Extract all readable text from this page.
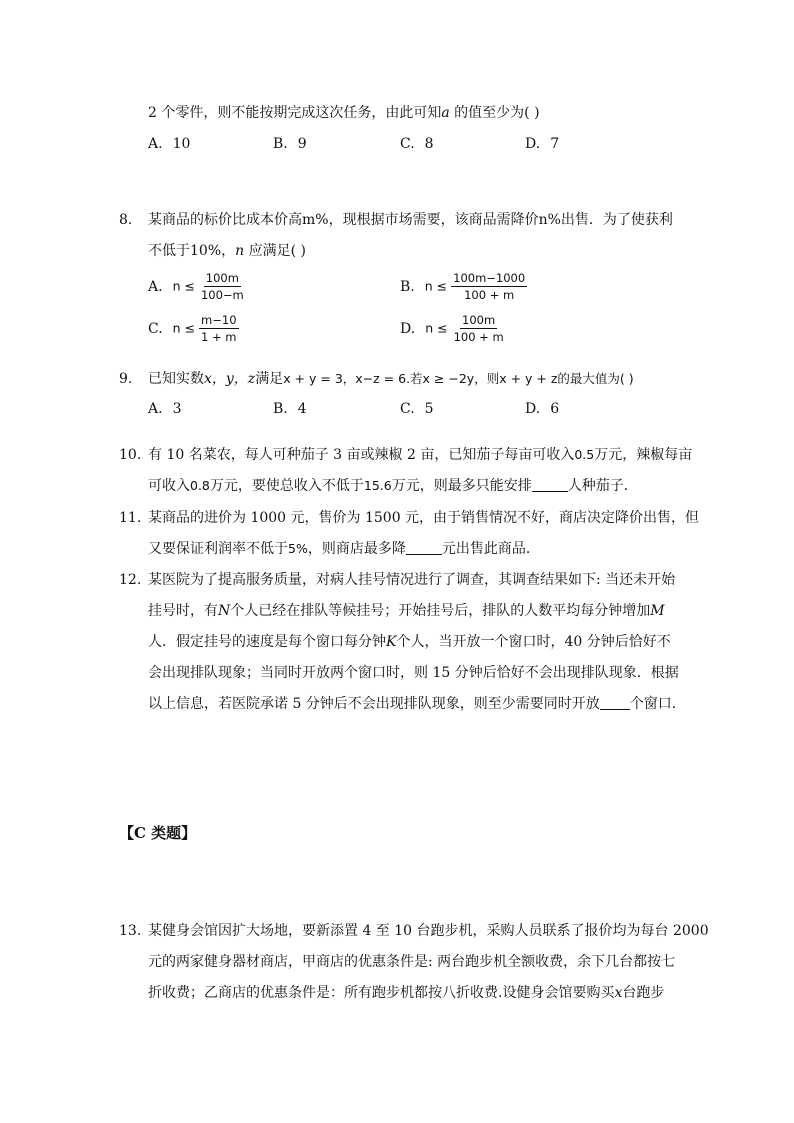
2 个零件，则不能按期完成这次任务，由此可知a 的值至少为( )
A. 10	B. 9	C. 8	D. 7
8. 某商品的标价比成本价高m%，现根据市场需要，该商品需降价n%出售．为了使获利
不低于10%，n 应满足( )
A. $n \le \frac{100m}{100-m}$	B. $n \le \frac{100m-1000}{100 + m}$
C. $n \le \frac{m-10}{1 + m}$	D. $n \le \frac{100m}{100 + m}$
9. 已知实数x，y，z满足x + y = 3，x−z = 6.若x ≥ −2y，则x + y + z的最大值为( )
A. 3	B. 4	C. 5	D. 6
10. 有 10 名菜农，每人可种茄子 3 亩或辣椒 2 亩，已知茄子每亩可收入0.5万元，辣椒每亩
可收入0.8万元，要使总收入不低于15.6万元，则最多只能安排	人种茄子．
11. 某商品的进价为 1000 元，售价为 1500 元，由于销售情况不好，商店决定降价出售，但
又要保证利润率不低于5%，则商店最多降	元出售此商品．
12. 某医院为了提高服务质量，对病人挂号情况进行了调查，其调查结果如下: 当还未开始
挂号时，有N个人已经在排队等候挂号；开始挂号后，排队的人数平均每分钟增加M
人．假定挂号的速度是每个窗口每分钟K个人，当开放一个窗口时，40 分钟后恰好不
会出现排队现象；当同时开放两个窗口时，则 15 分钟后恰好不会出现排队现象．根据
以上信息，若医院承诺 5 分钟后不会出现排队现象，则至少需要同时开放 个窗口．
【C 类题】
13. 某健身会馆因扩大场地，要新添置 4 至 10 台跑步机，采购人员联系了报价均为每台 2000
元的两家健身器材商店，甲商店的优惠条件是: 两台跑步机全额收费，余下几台都按七
折收费；乙商店的优惠条件是：所有跑步机都按八折收费.设健身会馆要购买x台跑步
